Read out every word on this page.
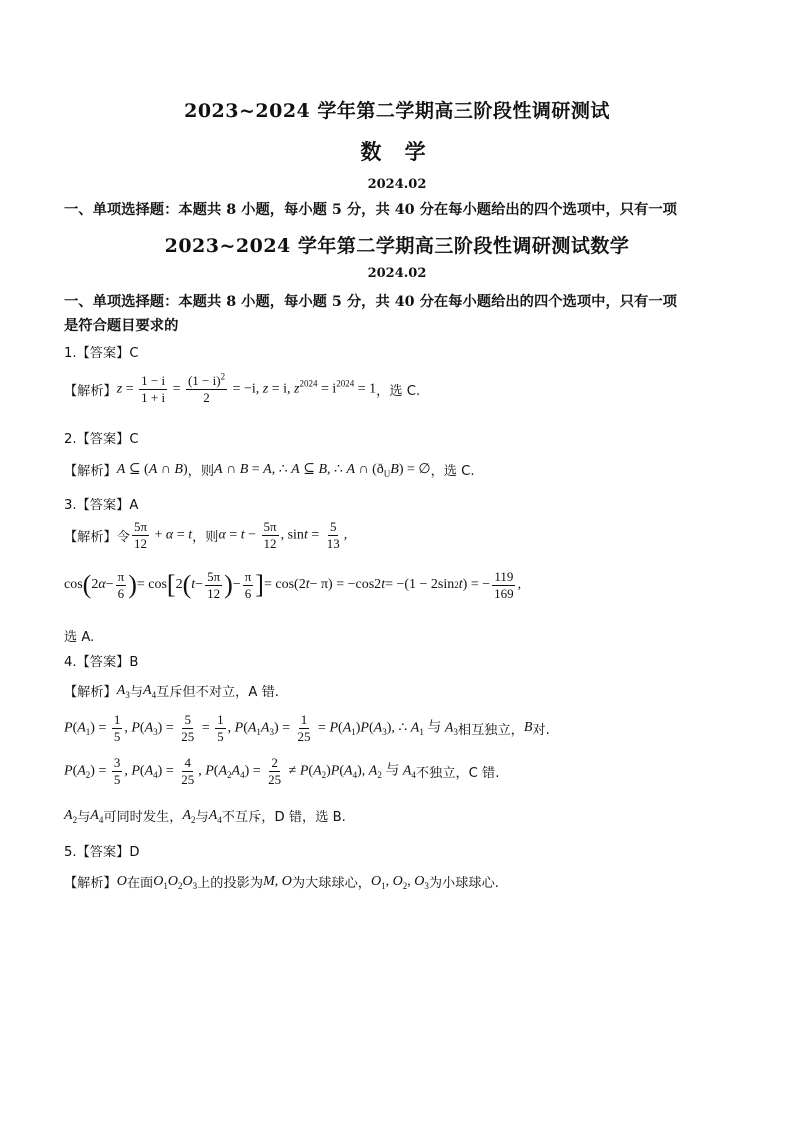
2023~2024 学年第二学期高三阶段性调研测试
数 学
2024.02
一、单项选择题：本题共 8 小题，每小题 5 分，共 40 分在每小题给出的四个选项中，只有一项
2023~2024 学年第二学期高三阶段性调研测试数学
2024.02
一、单项选择题：本题共 8 小题，每小题 5 分，共 40 分在每小题给出的四个选项中，只有一项
是符合题目要求的
1.【答案】C
【解析】 $z = \frac{1 - i}{1 + i} = \frac{(1 - i)^2}{2} = -i$, z = i, $z^{2024} = i^{2024} = 1$ ，选 C.
2.【答案】C
【解析】 A ⊆ (A ∩ B) ，则 A ∩ B = A, ∴ A ⊆ B, ∴ A ∩ $(ð_UB)$ = ∅ ，选 C.
3.【答案】A
【解析】 令 $\frac{5\pi}{12} + \alpha = t$ ，则 $\alpha = t - \frac{5\pi}{12}$ , $\sin t = \frac{5}{13}$ ,
cos ( 2 $\alpha - \frac{\pi}{6}$ ) = cos [ 2 ( $t - \frac{5\pi}{12}$ ) − $\frac{\pi}{6}$ ] = cos(2 t − π) = −cos2 t = −(1 − 2sin 2 t ) = − $\frac{119}{169}$ ,
选 A.
4.【答案】B
【解析】 $A_3$ 与 $A_4$ 互斥但不对立，A 错.
$P(A_1) = \frac{1}{5}$ , $P(A_3) = \frac{5}{25} = \frac{1}{5}$ , $P(A_1A_3) = \frac{1}{25} = P(A_1)P(A_3)$, ∴ $A_1$ 与 $A_3$ 相互独立， B 对.
$P(A_2) = \frac{3}{5}$ , $P(A_4) = \frac{4}{25}$ , $P(A_2A_4) = \frac{2}{25} \ne P(A_2)P(A_4)$, $A_2$ 与 $A_4$ 不独立，C 错.
$A_2$ 与 $A_4$ 可同时发生， $A_2$ 与 $A_4$ 不互斥，D 错，选 B.
5.【答案】D
【解析】 O 在面 $O_1O_2O_3$ 上的投影为 M, O 为大球球心， $O_1$, $O_2$, $O_3$ 为小球球心.
